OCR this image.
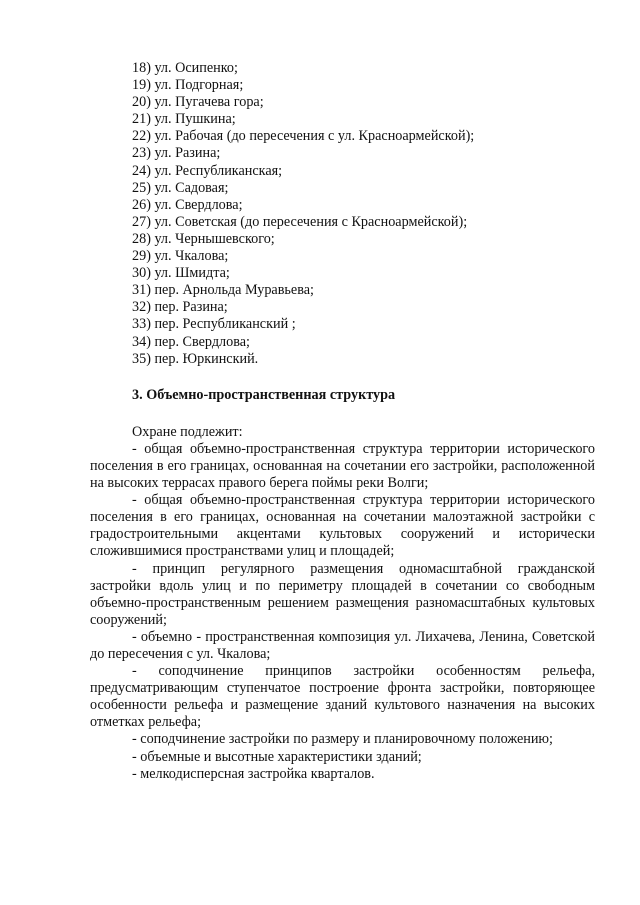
18) ул. Осипенко;
19) ул. Подгорная;
20) ул. Пугачева гора;
21) ул. Пушкина;
22) ул. Рабочая (до пересечения с ул. Красноармейской);
23) ул. Разина;
24) ул. Республиканская;
25) ул. Садовая;
26) ул. Свердлова;
27) ул. Советская (до пересечения с Красноармейской);
28) ул. Чернышевского;
29) ул. Чкалова;
30) ул. Шмидта;
31) пер. Арнольда Муравьева;
32) пер. Разина;
33) пер. Республиканский ;
34) пер. Свердлова;
35) пер. Юркинский.
3. Объемно-пространственная структура
Охране подлежит:

- общая объемно-пространственная структура территории исторического поселения в его границах, основанная на сочетании его застройки, расположенной на высоких террасах правого берега поймы реки Волги;

- общая объемно-пространственная структура территории исторического поселения в его границах, основанная на сочетании малоэтажной застройки с градостроительными акцентами культовых сооружений и исторически сложившимися пространствами улиц и площадей;

- принцип регулярного размещения одномасштабной гражданской застройки вдоль улиц и по периметру площадей в сочетании со свободным объемно-пространственным решением размещения разномасштабных культовых сооружений;

- объемно - пространственная композиция ул. Лихачева, Ленина, Советской до пересечения с ул. Чкалова;

- соподчинение принципов застройки особенностям рельефа, предусматривающим ступенчатое построение фронта застройки, повторяющее особенности рельефа и размещение зданий культового назначения на высоких отметках рельефа;

- соподчинение застройки по размеру и планировочному положению;

- объемные и высотные характеристики зданий;

- мелкодисперсная застройка кварталов.
